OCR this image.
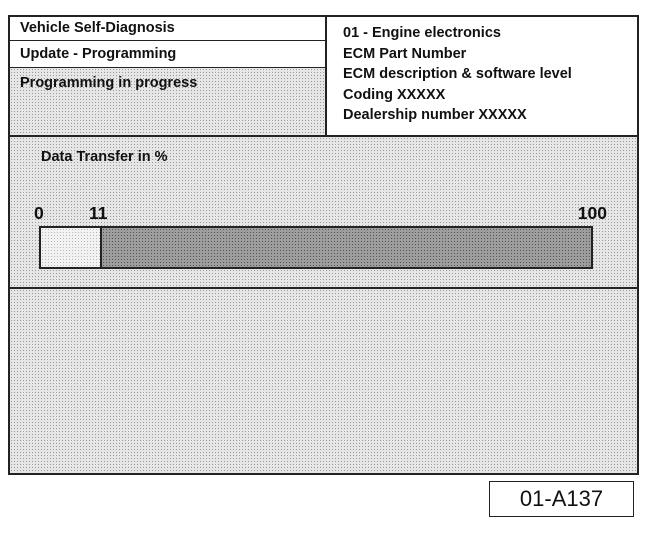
Vehicle Self-Diagnosis
Update - Programming
Programming in progress
01 - Engine electronics
ECM Part Number
ECM description & software level
Coding XXXXX
Dealership number XXXXX
Data Transfer in %
0	11	100
01-A137
